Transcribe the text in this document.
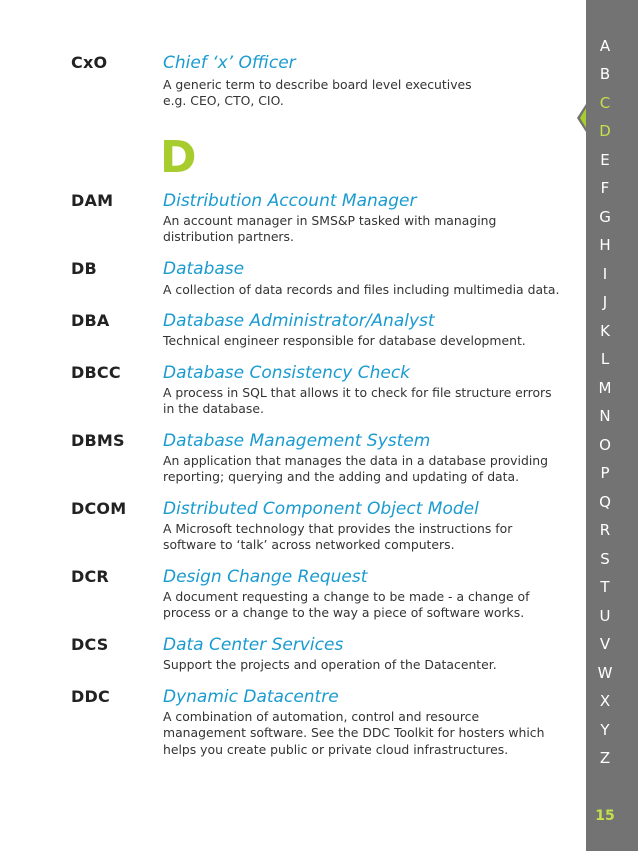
CxO	Chief ‘x’ Officer
A generic term to describe board level executives
e.g. CEO, CTO, CIO.
D
DAM	Distribution Account Manager
An account manager in SMS&P tasked with managing
distribution partners.
DB	Database
A collection of data records and files including multimedia data.
DBA	Database Administrator/Analyst
Technical engineer responsible for database development.
DBCC Database Consistency Check
A process in SQL that allows it to check for file structure errors
in the database.
DBMS Database Management System
An application that manages the data in a database providing
reporting; querying and the adding and updating of data.
DCOM Distributed Component Object Model
A Microsoft technology that provides the instructions for
software to ‘talk’ across networked computers.
DCR	Design Change Request
A document requesting a change to be made - a change of
process or a change to the way a piece of software works.
DCS	Data Center Services
Support the projects and operation of the Datacenter.
DDC	Dynamic Datacentre
A combination of automation, control and resource
management software. See the DDC Toolkit for hosters which
helps you create public or private cloud infrastructures.
A
B
C
D
E
F
G
H
I
J
K
L
M
N
O
P
Q
R
S
T
U
V
W
X
Y
Z
15
